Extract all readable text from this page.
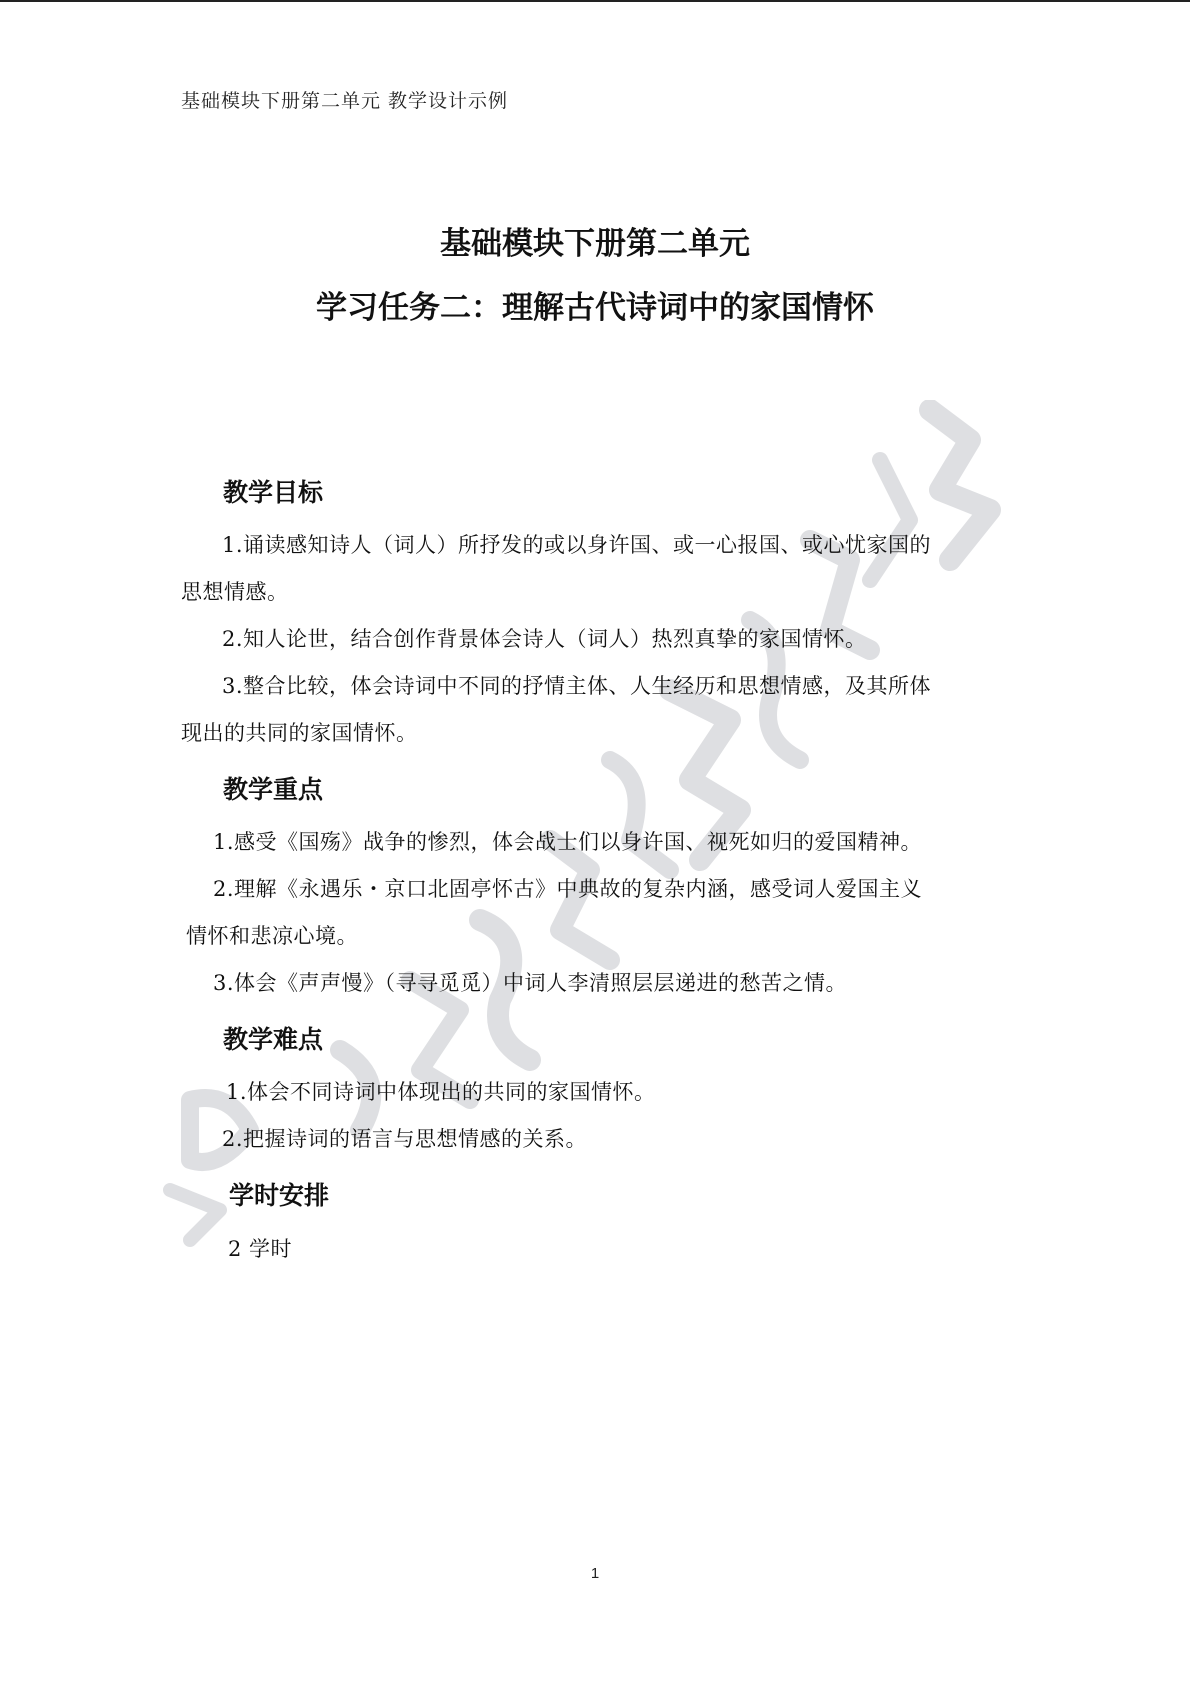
基础模块下册第二单元 教学设计示例
基础模块下册第二单元
学习任务二：理解古代诗词中的家国情怀
教学目标
1.诵读感知诗人（词人）所抒发的或以身许国、或一心报国、或心忧家国的
思想情感。
2.知人论世，结合创作背景体会诗人（词人）热烈真挚的家国情怀。
3.整合比较，体会诗词中不同的抒情主体、人生经历和思想情感，及其所体
现出的共同的家国情怀。
教学重点
1.感受《国殇》战争的惨烈，体会战士们以身许国、视死如归的爱国精神。
2.理解《永遇乐・京口北固亭怀古》中典故的复杂内涵，感受词人爱国主义
情怀和悲凉心境。
3.体会《声声慢》（寻寻觅觅）中词人李清照层层递进的愁苦之情。
教学难点
1.体会不同诗词中体现出的共同的家国情怀。
2.把握诗词的语言与思想情感的关系。
学时安排
2 学时
1
